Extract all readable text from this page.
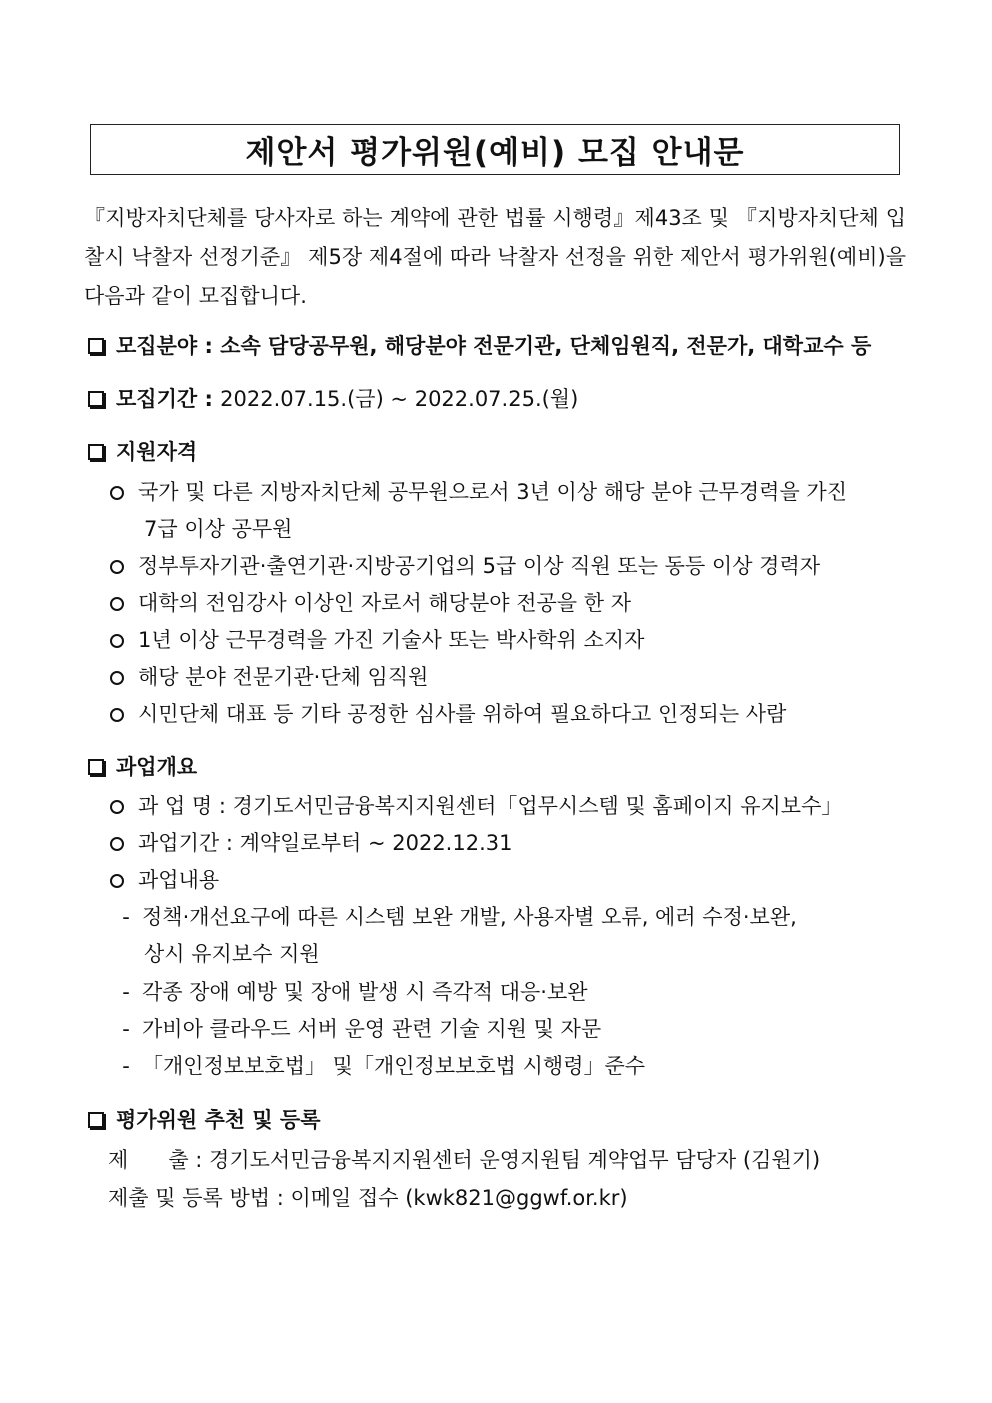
제안서 평가위원(예비) 모집 안내문
『지방자치단체를 당사자로 하는 계약에 관한 법률 시행령』제43조 및 『지방자치단체 입찰시 낙찰자 선정기준』 제5장 제4절에 따라 낙찰자 선정을 위한 제안서 평가위원(예비)을 다음과 같이 모집합니다.
모집분야 : 소속 담당공무원, 해당분야 전문기관, 단체임원직, 전문가, 대학교수 등
모집기간 : 2022.07.15.(금) ~ 2022.07.25.(월)
지원자격
국가 및 다른 지방자치단체 공무원으로서 3년 이상 해당 분야 근무경력을 가진
7급 이상 공무원
정부투자기관·출연기관·지방공기업의 5급 이상 직원 또는 동등 이상 경력자
대학의 전임강사 이상인 자로서 해당분야 전공을 한 자
1년 이상 근무경력을 가진 기술사 또는 박사학위 소지자
해당 분야 전문기관·단체 임직원
시민단체 대표 등 기타 공정한 심사를 위하여 필요하다고 인정되는 사람
과업개요
과 업 명 : 경기도서민금융복지지원센터「업무시스템 및 홈페이지 유지보수」
과업기간 : 계약일로부터 ~ 2022.12.31
과업내용
- 정책·개선요구에 따른 시스템 보완 개발, 사용자별 오류, 에러 수정·보완,
상시 유지보수 지원
- 각종 장애 예방 및 장애 발생 시 즉각적 대응·보완
- 가비아 클라우드 서버 운영 관련 기술 지원 및 자문
- 「개인정보보호법」 및「개인정보보호법 시행령」준수
평가위원 추천 및 등록
제      출 : 경기도서민금융복지지원센터 운영지원팀 계약업무 담당자 (김원기)
제출 및 등록 방법 : 이메일 접수 (kwk821@ggwf.or.kr)
